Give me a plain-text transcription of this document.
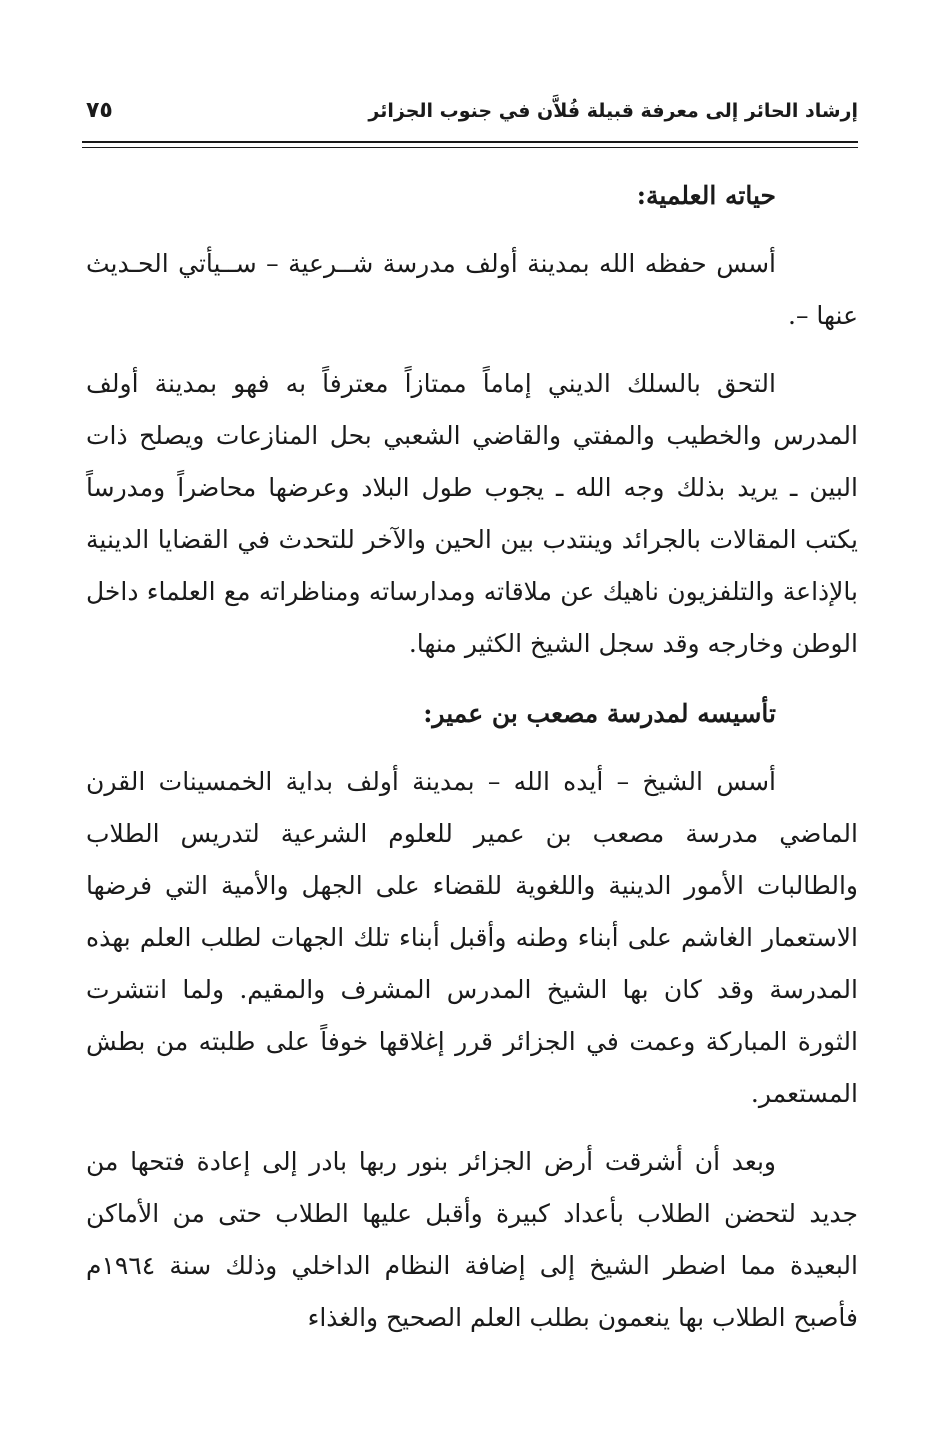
إرشاد الحائر إلى معرفة قبيلة فُلاَّن في جنوب الجزائر
٧٥
حياته العلمية:

أسس حفظه الله بمدينة أولف مدرسة شــرعية – ســيأتي الحـديث عنها –.

التحق بالسلك الديني إماماً ممتازاً معترفاً به فهو بمدينة أولف المدرس والخطيب والمفتي والقاضي الشعبي بحل المنازعات ويصلح ذات البين ـ يريد بذلك وجه الله ـ يجوب طول البلاد وعرضها محاضراً ومدرساً يكتب المقالات بالجرائد وينتدب بين الحين والآخر للتحدث في القضايا الدينية بالإذاعة والتلفزيون ناهيك عن ملاقاته ومدارساته ومناظراته مع العلماء داخل الوطن وخارجه وقد سجل الشيخ الكثير منها.

تأسيسه لمدرسة مصعب بن عمير:

أسس الشيخ – أيده الله – بمدينة أولف بداية الخمسينات القرن الماضي مدرسة مصعب بن عمير للعلوم الشرعية لتدريس الطلاب والطالبات الأمور الدينية واللغوية للقضاء على الجهل والأمية التي فرضها الاستعمار الغاشم على أبناء وطنه وأقبل أبناء تلك الجهات لطلب العلم بهذه المدرسة وقد كان بها الشيخ المدرس المشرف والمقيم. ولما انتشرت الثورة المباركة وعمت في الجزائر قرر إغلاقها خوفاً على طلبته من بطش المستعمر.

وبعد أن أشرقت أرض الجزائر بنور ربها بادر إلى إعادة فتحها من جديد لتحضن الطلاب بأعداد كبيرة وأقبل عليها الطلاب حتى من الأماكن البعيدة مما اضطر الشيخ إلى إضافة النظام الداخلي وذلك سنة ١٩٦٤م فأصبح الطلاب بها ينعمون بطلب العلم الصحيح والغذاء
